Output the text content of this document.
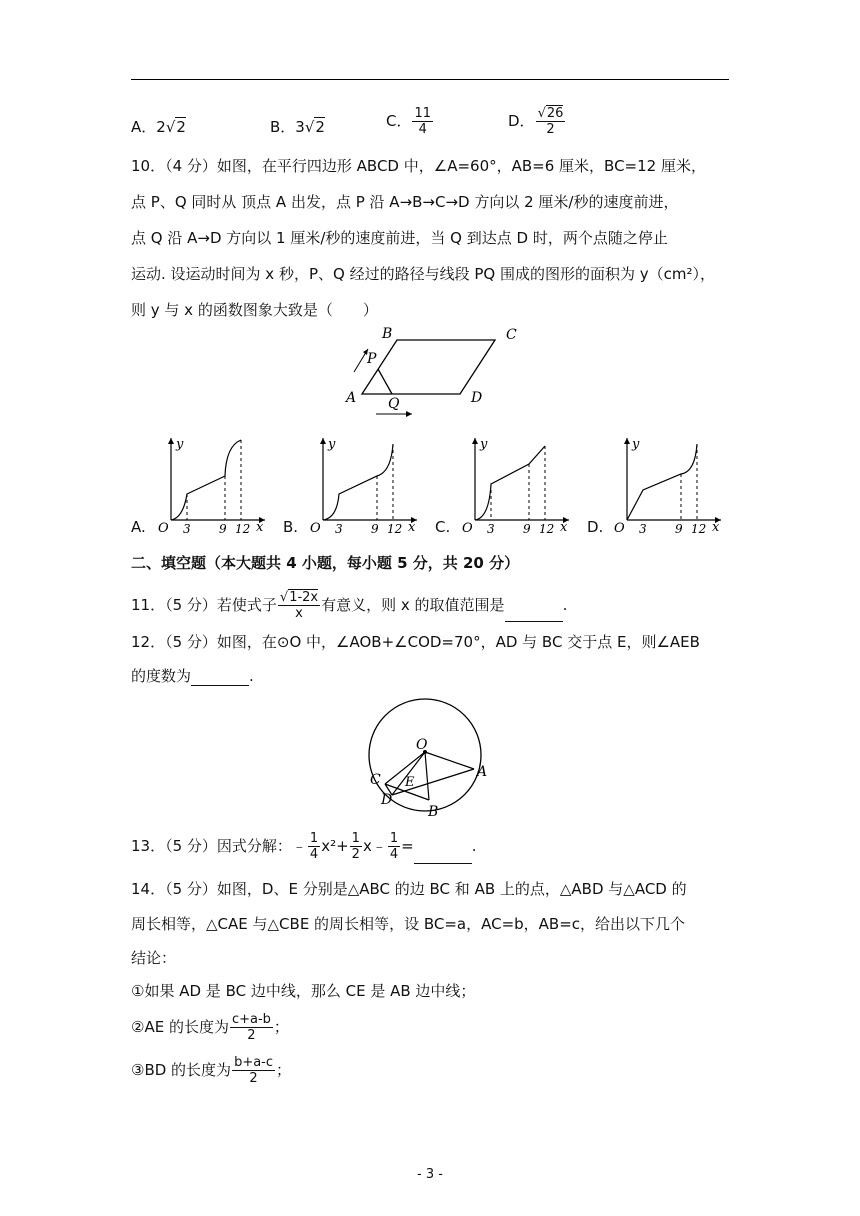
A．2√2	B．3√2	C． $\frac{11}{4}$	D． $\frac{√26}{2}$
10．（4 分）如图，在平行四边形 ABCD 中，∠A=60°，AB=6 厘米，BC=12 厘米，
点 P、Q 同时从 顶点 A 出发，点 P 沿 A→B→C→D 方向以 2 厘米/秒的速度前进，
点 Q 沿 A→D 方向以 1 厘米/秒的速度前进，当 Q 到达点 D 时，两个点随之停止
运动. 设运动时间为 x 秒，P、Q 经过的路径与线段 PQ 围成的图形的面积为 y（cm²），
则 y 与 x 的函数图象大致是（　　）
A
B	C
D
P
Q
A.	B.	C.	D.
y
x
O 3 9 12
y
x
O 3 9 12
y
x
O 3 9 12
y
x
O 3 9 12
二、填空题（本大题共 4 小题，每小题 5 分，共 20 分）
11．（5 分）若使式子 $\frac{√1-2x}{x}$ 有意义，则 x 的取值范围是	.
12．（5 分）如图，在⊙O 中，∠AOB+∠COD=70°，AD 与 BC 交于点 E，则∠AEB
的度数为	.
O
A
B
C
D
E
13．（5 分）因式分解：﹣ $\frac{1}{4} x^2+ \frac{1}{2}$ x﹣ $\frac{1}{4}$ =	.
14．（5 分）如图，D、E 分别是△ABC 的边 BC 和 AB 上的点，△ABD 与△ACD 的
周长相等，△CAE 与△CBE 的周长相等，设 BC=a，AC=b，AB=c，给出以下几个
结论：
①如果 AD 是 BC 边中线，那么 CE 是 AB 边中线；
②AE 的长度为 $\frac{c+a-b}{2}$ ；
③BD 的长度为 $\frac{b+a-c}{2}$ ；
- 3 -
